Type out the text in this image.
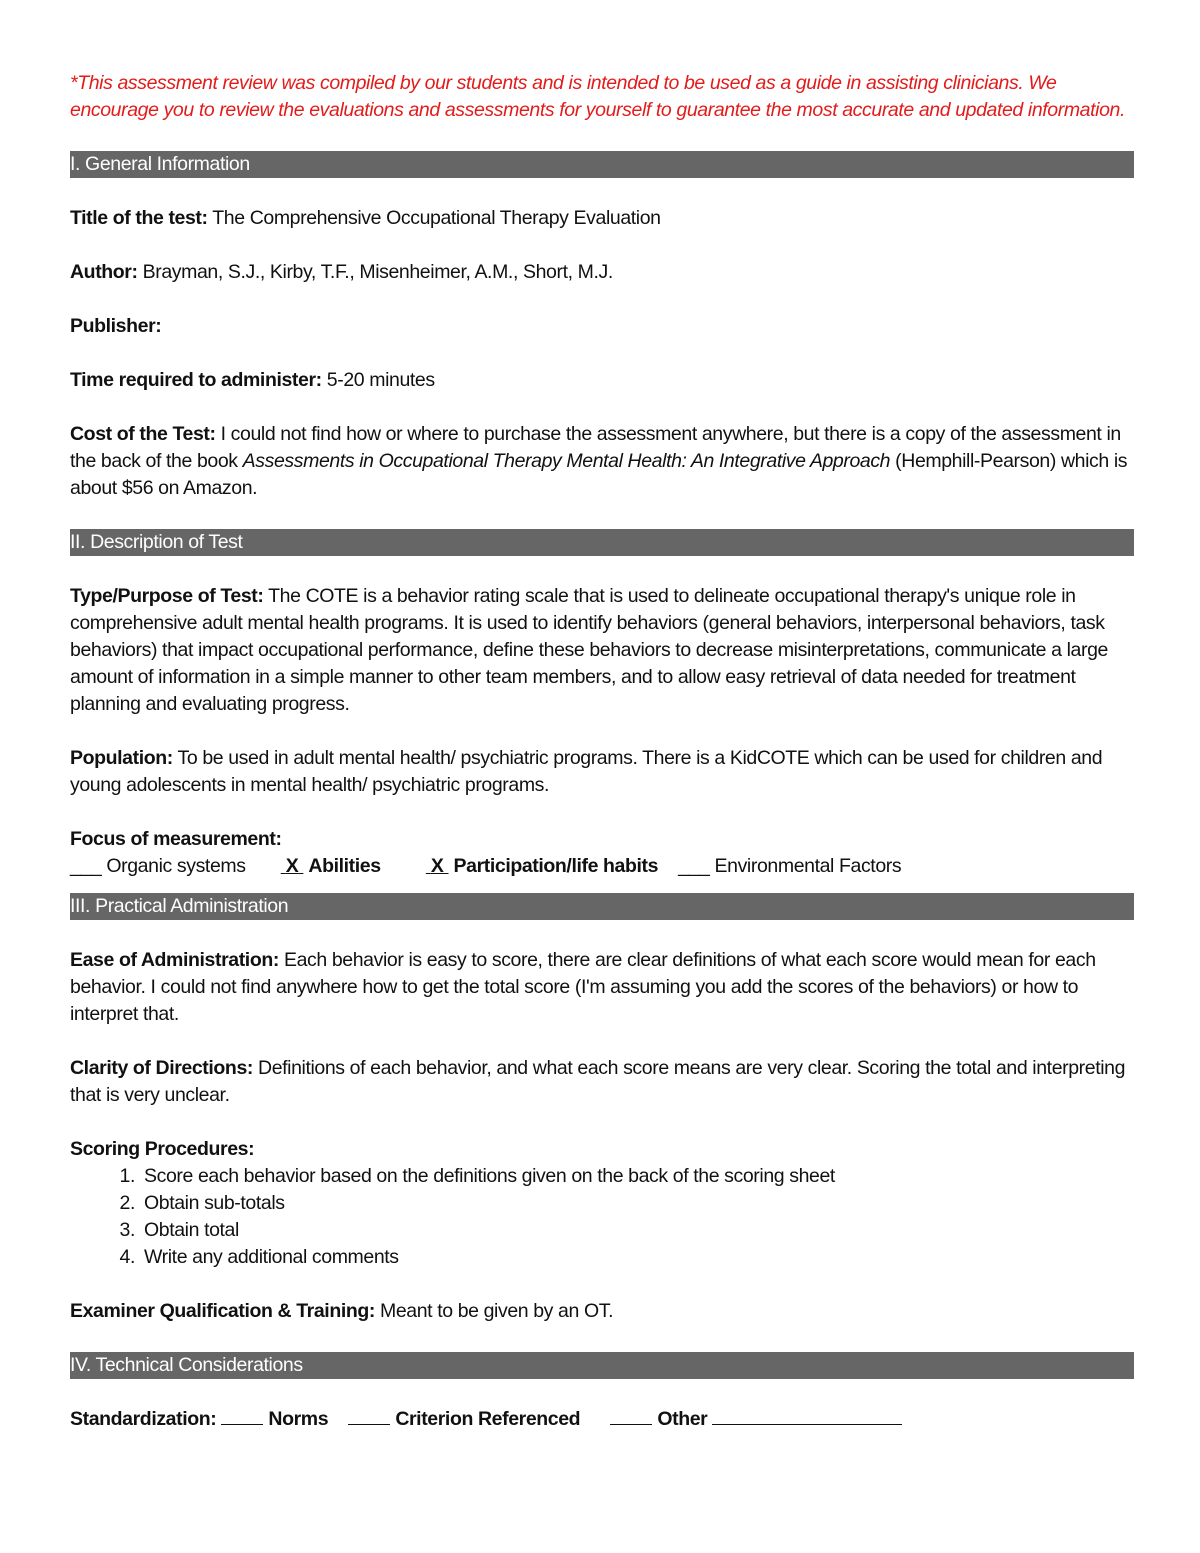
*This assessment review was compiled by our students and is intended to be used as a guide in assisting clinicians. We encourage you to review the evaluations and assessments for yourself to guarantee the most accurate and updated information.

I. General Information

Title of the test: The Comprehensive Occupational Therapy Evaluation

Author: Brayman, S.J., Kirby, T.F., Misenheimer, A.M., Short, M.J.

Publisher:

Time required to administer: 5-20 minutes

Cost of the Test: I could not find how or where to purchase the assessment anywhere, but there is a copy of the assessment in the back of the book Assessments in Occupational Therapy Mental Health: An Integrative Approach (Hemphill-Pearson) which is about $56 on Amazon.

II. Description of Test

Type/Purpose of Test: The COTE is a behavior rating scale that is used to delineate occupational therapy's unique role in comprehensive adult mental health programs. It is used to identify behaviors (general behaviors, interpersonal behaviors, task behaviors) that impact occupational performance, define these behaviors to decrease misinterpretations, communicate a large amount of information in a simple manner to other team members, and to allow easy retrieval of data needed for treatment planning and evaluating progress.

Population: To be used in adult mental health/ psychiatric programs. There is a KidCOTE which can be used for children and young adolescents in mental health/ psychiatric programs.

Focus of measurement:

___ Organic systems X Abilities	X Participation/life habits ___ Environmental Factors

III. Practical Administration

Ease of Administration: Each behavior is easy to score, there are clear definitions of what each score would mean for each behavior. I could not find anywhere how to get the total score (I'm assuming you add the scores of the behaviors) or how to interpret that.

Clarity of Directions: Definitions of each behavior, and what each score means are very clear. Scoring the total and interpreting that is very unclear.

Scoring Procedures:

1. Score each behavior based on the definitions given on the back of the scoring sheet
2. Obtain sub-totals
3. Obtain total
4. Write any additional comments

Examiner Qualification & Training: Meant to be given by an OT.

IV. Technical Considerations

Standardization:	Norms	Criterion Referenced	Other
